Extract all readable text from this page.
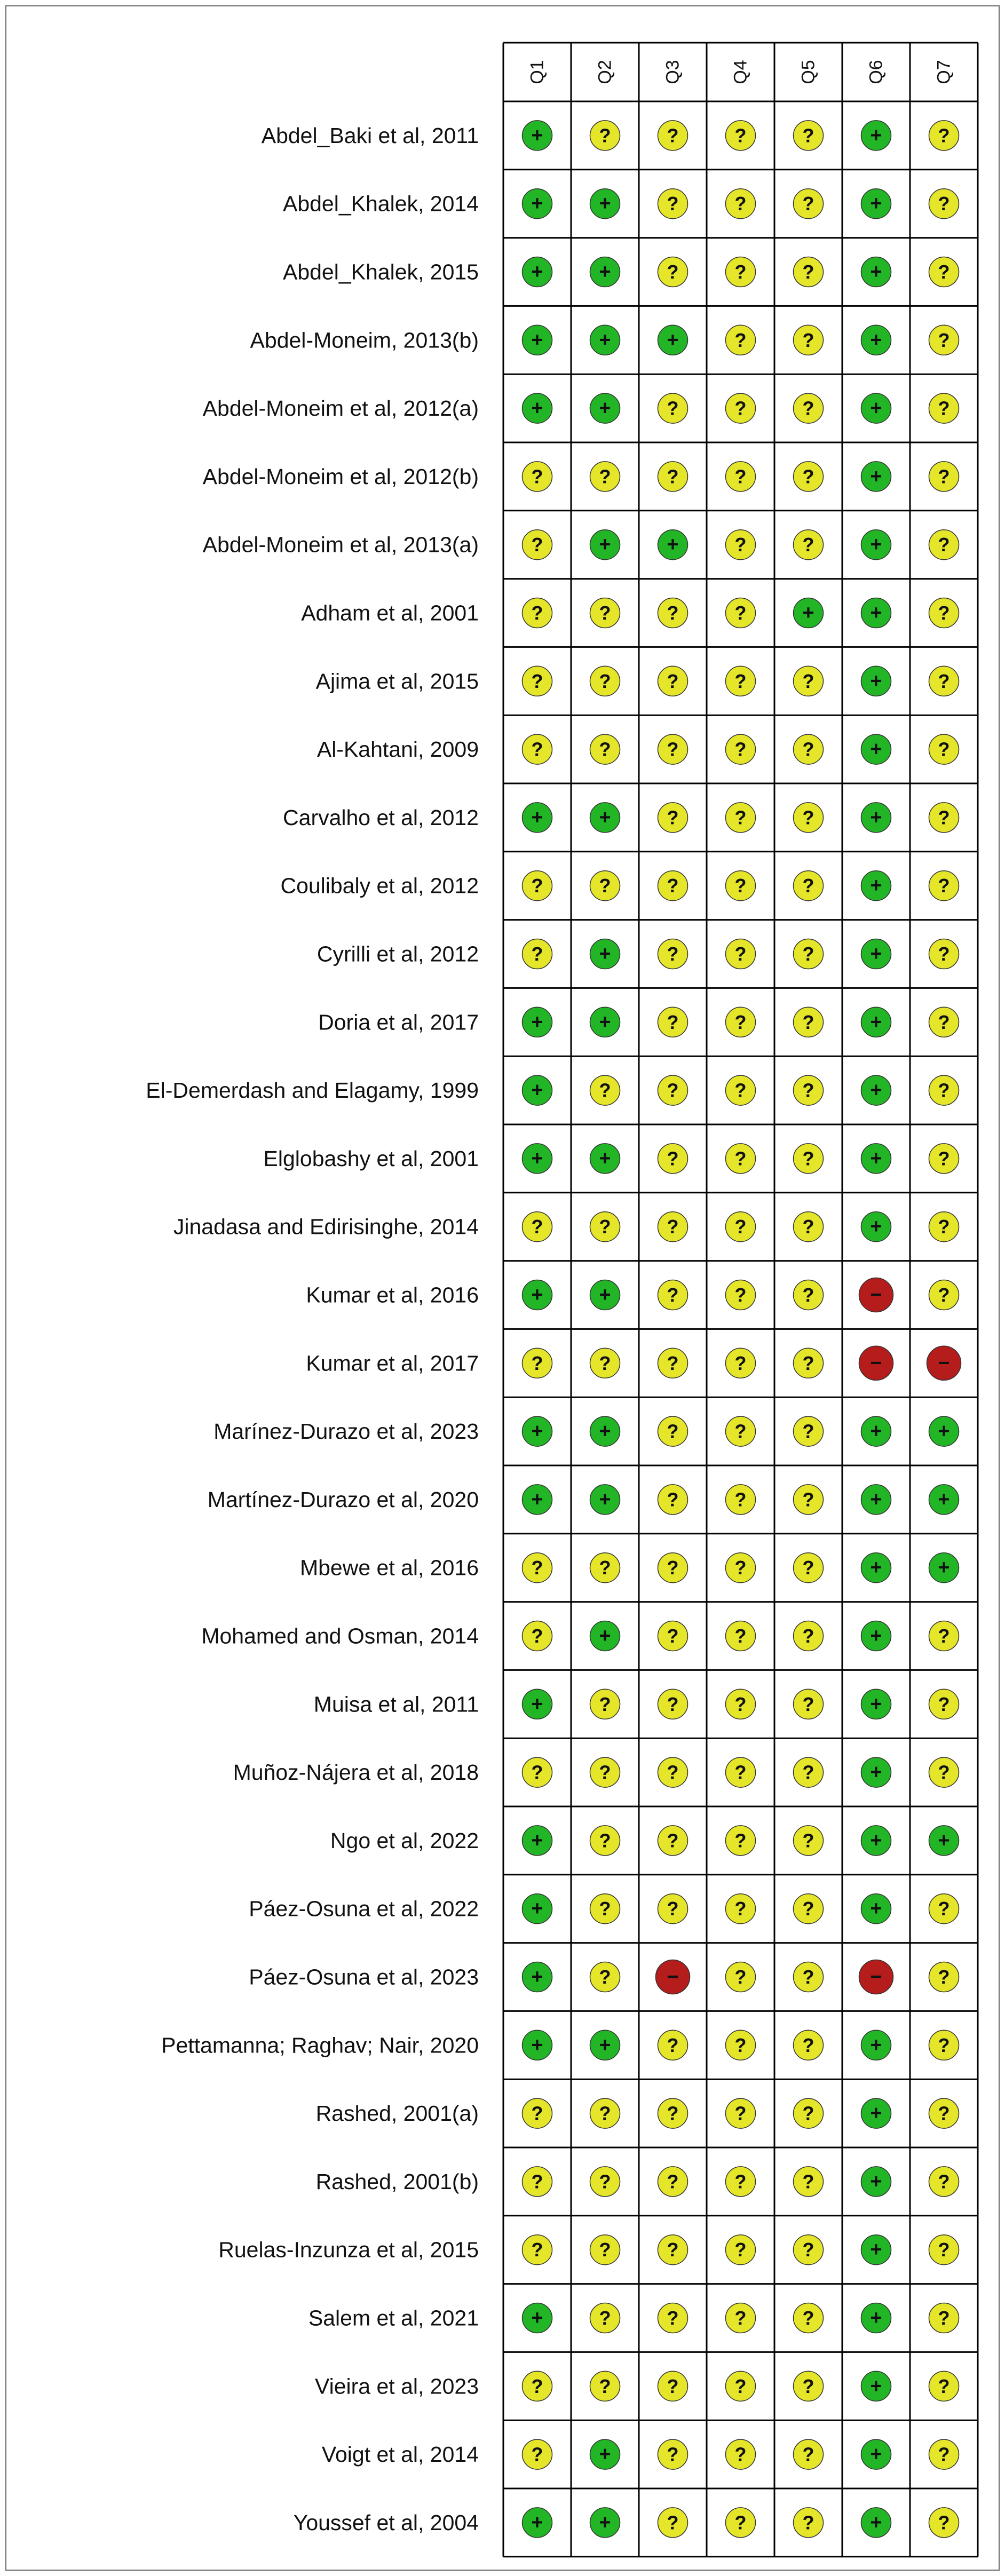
Q1	Q2	Q3	Q4	Q5	Q6	Q7
Abdel_Baki et al, 2011	+	?	?	?	?	+	?
Abdel_Khalek, 2014	+	+	?	?	?	+	?
Abdel_Khalek, 2015	+	+	?	?	?	+	?
Abdel-Moneim, 2013(b)	+	+	+	?	?	+	?
Abdel-Moneim et al, 2012(a)	+	+	?	?	?	+	?
Abdel-Moneim et al, 2012(b)	?	?	?	?	?	+	?
Abdel-Moneim et al, 2013(a)	?	+	+	?	?	+	?
Adham et al, 2001	?	?	?	?	+	+	?
Ajima et al, 2015	?	?	?	?	?	+	?
Al-Kahtani, 2009	?	?	?	?	?	+	?
Carvalho et al, 2012	+	+	?	?	?	+	?
Coulibaly et al, 2012	?	?	?	?	?	+	?
Cyrilli et al, 2012	?	+	?	?	?	+	?
Doria et al, 2017	+	+	?	?	?	+	?
El-Demerdash and Elagamy, 1999	+	?	?	?	?	+	?
Elglobashy et al, 2001	+	+	?	?	?	+	?
Jinadasa and Edirisinghe, 2014	?	?	?	?	?	+	?
Kumar et al, 2016	+	+	?	?	?	−	?
Kumar et al, 2017	?	?	?	?	?	−	−
Marínez-Durazo et al, 2023	+	+	?	?	?	+	+
Martínez-Durazo et al, 2020	+	+	?	?	?	+	+
Mbewe et al, 2016	?	?	?	?	?	+	+
Mohamed and Osman, 2014	?	+	?	?	?	+	?
Muisa et al, 2011	+	?	?	?	?	+	?
Muñoz-Nájera et al, 2018	?	?	?	?	?	+	?
Ngo et al, 2022	+	?	?	?	?	+	+
Páez-Osuna et al, 2022	+	?	?	?	?	+	?
Páez-Osuna et al, 2023	+	?	−	?	?	−	?
Pettamanna; Raghav; Nair, 2020	+	+	?	?	?	+	?
Rashed, 2001(a)	?	?	?	?	?	+	?
Rashed, 2001(b)	?	?	?	?	?	+	?
Ruelas-Inzunza et al, 2015	?	?	?	?	?	+	?
Salem et al, 2021	+	?	?	?	?	+	?
Vieira et al, 2023	?	?	?	?	?	+	?
Voigt et al, 2014	?	+	?	?	?	+	?
Youssef et al, 2004	+	+	?	?	?	+	?
